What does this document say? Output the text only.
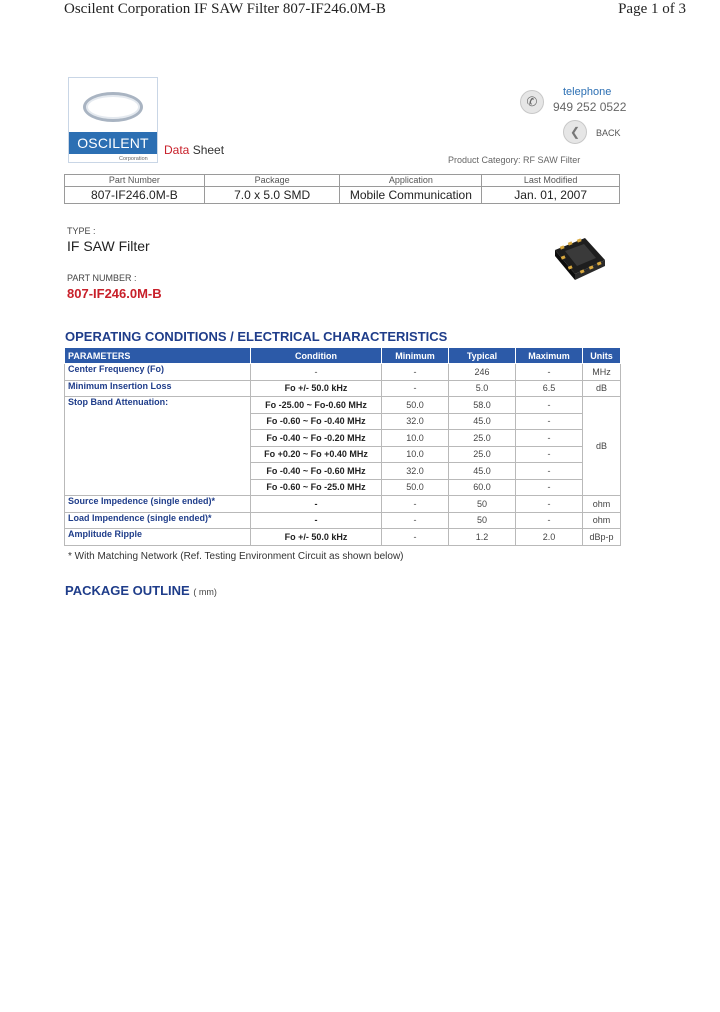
Oscilent Corporation IF SAW Filter 807-IF246.0M-B	Page 1 of 3
OSCILENT
Corporation
Data Sheet
✆
telephone
949 252 0522
❮	BACK
Product Category: RF SAW Filter
Part Number	Package	Application	Last Modified
807-IF246.0M-B	7.0 x 5.0 SMD	Mobile Communication	Jan. 01, 2007
TYPE :
IF SAW Filter
PART NUMBER :
807-IF246.0M-B
OPERATING CONDITIONS / ELECTRICAL CHARACTERISTICS
PARAMETERS	Condition	Minimum	Typical	Maximum	Units
Center Frequency (Fo)	-	-	246	-	MHz
Minimum Insertion Loss	Fo +/- 50.0 kHz	-	5.0	6.5	dB
Stop Band Attenuation:	Fo -25.00 ~ Fo-0.60 MHz	50.0	58.0	-	dB
	Fo -0.60 ~ Fo -0.40 MHz	32.0	45.0	-	
	Fo -0.40 ~ Fo -0.20 MHz	10.0	25.0	-	
	Fo +0.20 ~ Fo +0.40 MHz	10.0	25.0	-	
	Fo -0.40 ~ Fo -0.60 MHz	32.0	45.0	-	
	Fo -0.60 ~ Fo -25.0 MHz	50.0	60.0	-	
Source Impedence (single ended)*	-	-	50	-	ohm
Load Impendence (single ended)*	-	-	50	-	ohm
Amplitude Ripple	Fo +/- 50.0 kHz	-	1.2	2.0	dBp-p
* With Matching Network (Ref. Testing Environment Circuit as shown below)
PACKAGE OUTLINE ( mm)
